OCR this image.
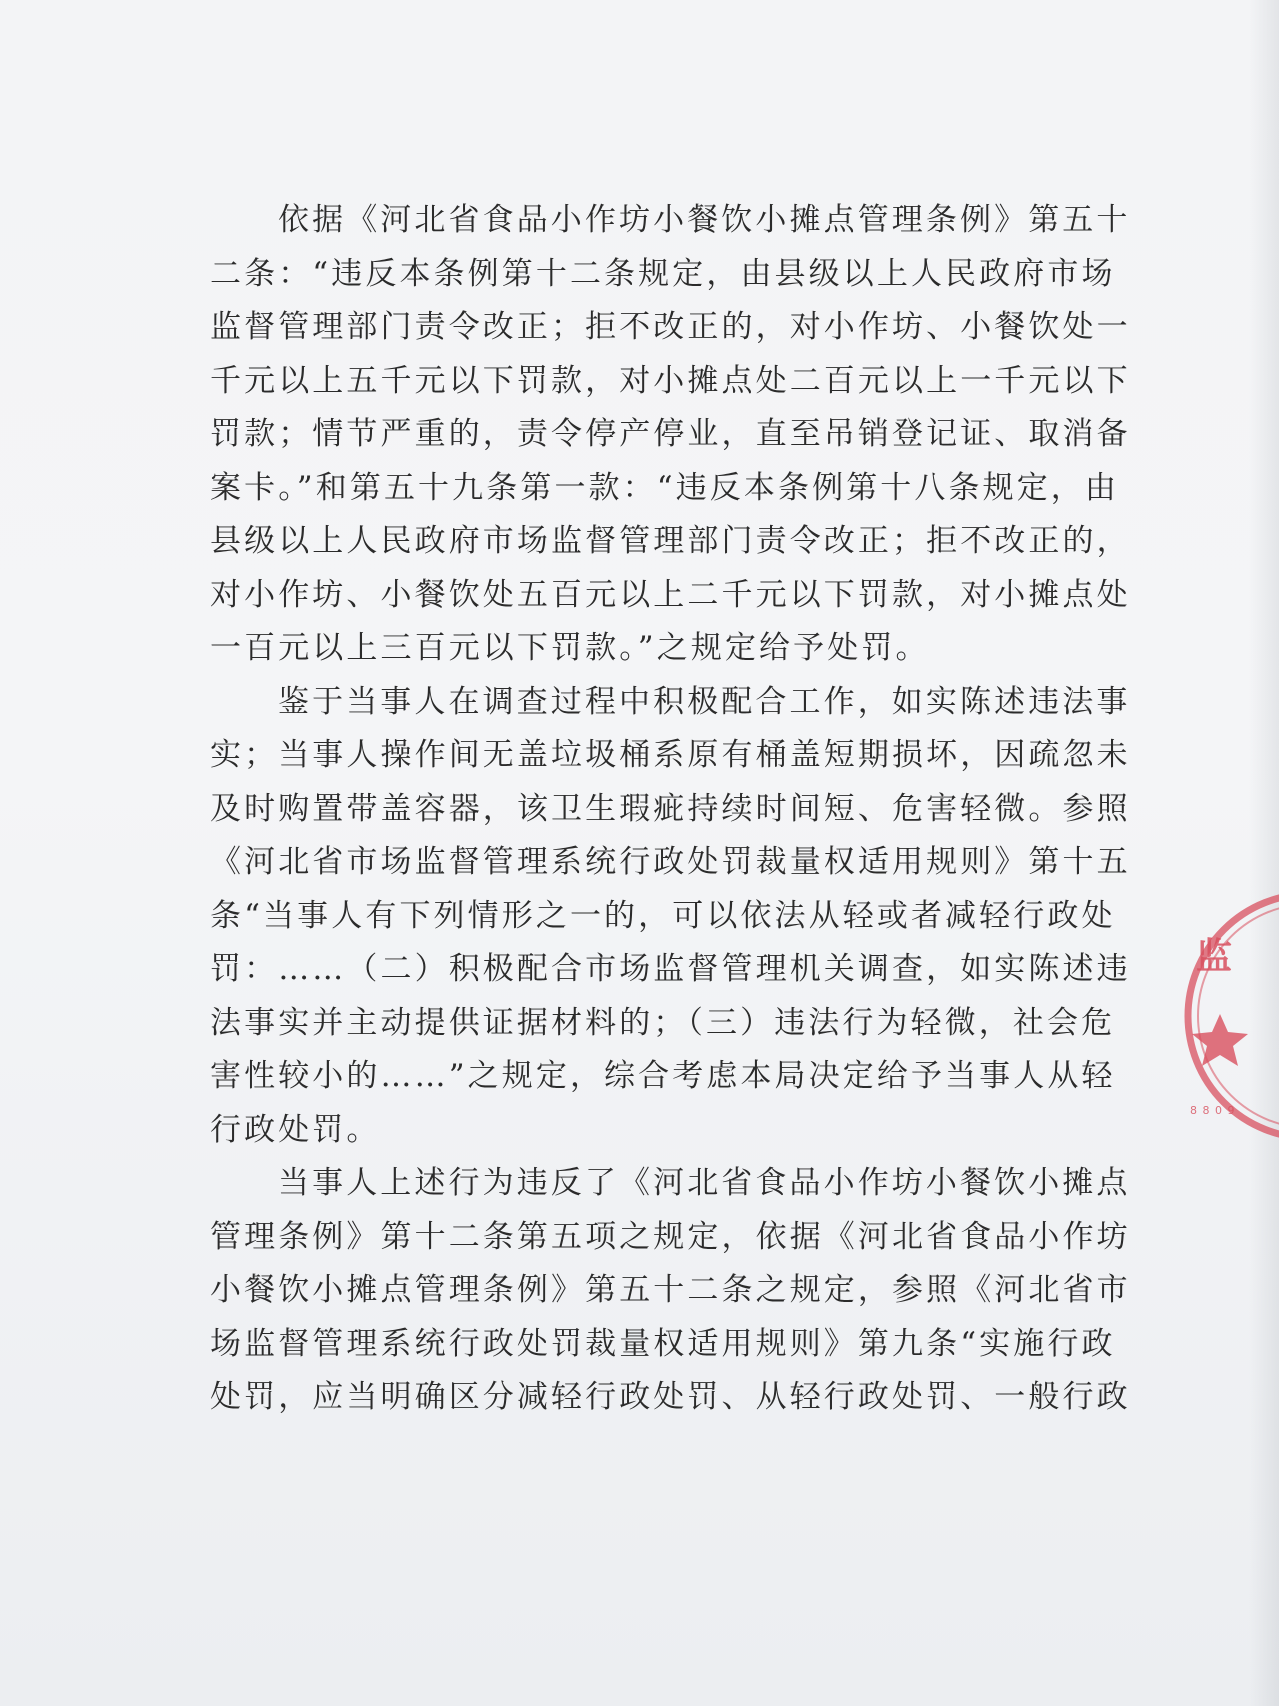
依据《河北省食品小作坊小餐饮小摊点管理条例》第五十
二条：“违反本条例第十二条规定，由县级以上人民政府市场
监督管理部门责令改正；拒不改正的，对小作坊、小餐饮处一
千元以上五千元以下罚款，对小摊点处二百元以上一千元以下
罚款；情节严重的，责令停产停业，直至吊销登记证、取消备
案卡。”和第五十九条第一款：“违反本条例第十八条规定，由
县级以上人民政府市场监督管理部门责令改正；拒不改正的，
对小作坊、小餐饮处五百元以上二千元以下罚款，对小摊点处
一百元以上三百元以下罚款。”之规定给予处罚。
鉴于当事人在调查过程中积极配合工作，如实陈述违法事
实；当事人操作间无盖垃圾桶系原有桶盖短期损坏，因疏忽未
及时购置带盖容器，该卫生瑕疵持续时间短、危害轻微。参照
《河北省市场监督管理系统行政处罚裁量权适用规则》第十五
条“当事人有下列情形之一的，可以依法从轻或者减轻行政处
罚：……（二）积极配合市场监督管理机关调查，如实陈述违
法事实并主动提供证据材料的；（三）违法行为轻微，社会危
害性较小的……”之规定，综合考虑本局决定给予当事人从轻
行政处罚。
当事人上述行为违反了《河北省食品小作坊小餐饮小摊点
管理条例》第十二条第五项之规定，依据《河北省食品小作坊
小餐饮小摊点管理条例》第五十二条之规定，参照《河北省市
场监督管理系统行政处罚裁量权适用规则》第九条“实施行政
处罚，应当明确区分减轻行政处罚、从轻行政处罚、一般行政
监
8 8 0 9
